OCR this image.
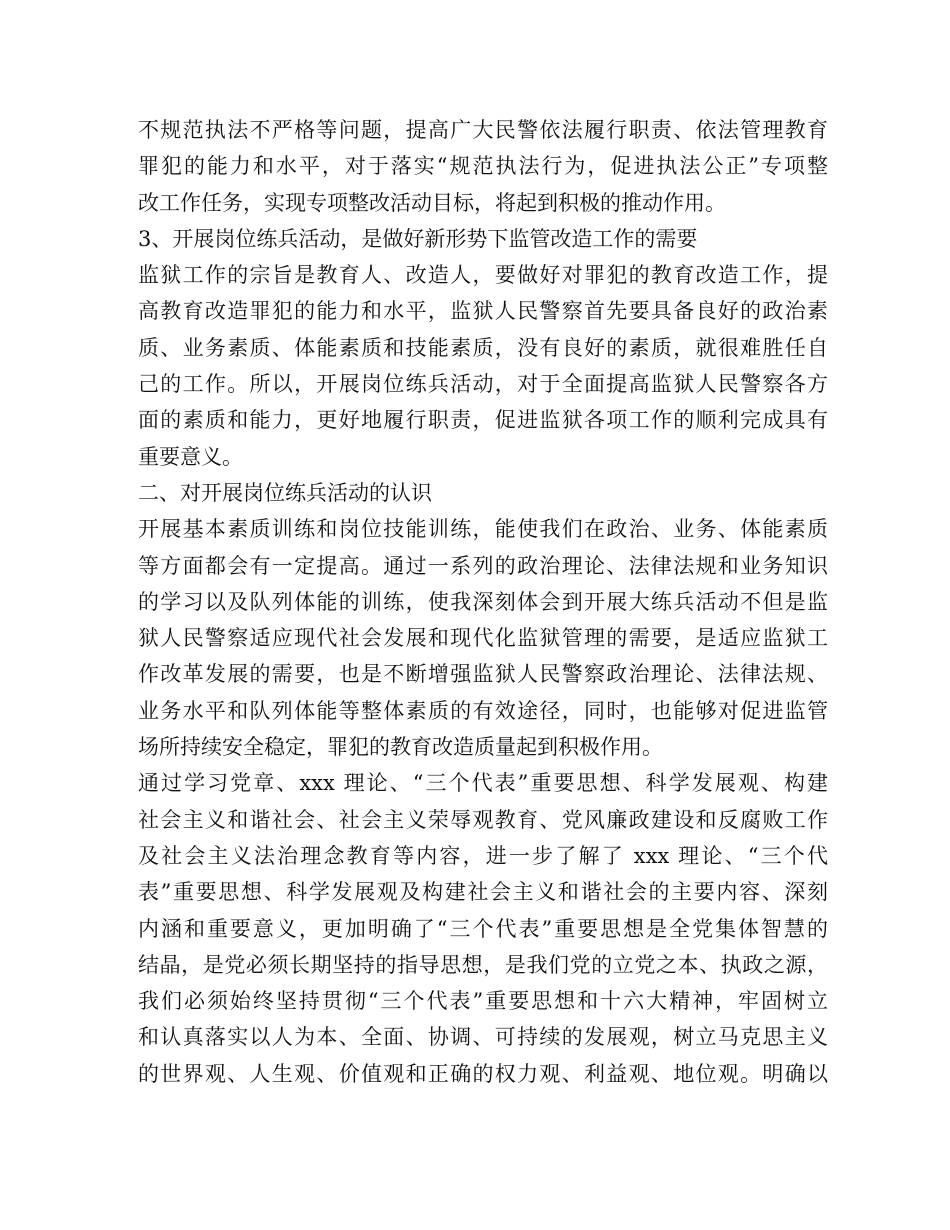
不规范执法不严格等问题，提高广大民警依法履行职责、依法管理教育
罪犯的能力和水平，对于落实“规范执法行为，促进执法公正”专项整
改工作任务，实现专项整改活动目标，将起到积极的推动作用。
3、开展岗位练兵活动，是做好新形势下监管改造工作的需要
监狱工作的宗旨是教育人、改造人，要做好对罪犯的教育改造工作，提
高教育改造罪犯的能力和水平，监狱人民警察首先要具备良好的政治素
质、业务素质、体能素质和技能素质，没有良好的素质，就很难胜任自
己的工作。所以，开展岗位练兵活动，对于全面提高监狱人民警察各方
面的素质和能力，更好地履行职责，促进监狱各项工作的顺利完成具有
重要意义。
二、对开展岗位练兵活动的认识
开展基本素质训练和岗位技能训练，能使我们在政治、业务、体能素质
等方面都会有一定提高。通过一系列的政治理论、法律法规和业务知识
的学习以及队列体能的训练，使我深刻体会到开展大练兵活动不但是监
狱人民警察适应现代社会发展和现代化监狱管理的需要，是适应监狱工
作改革发展的需要，也是不断增强监狱人民警察政治理论、法律法规、
业务水平和队列体能等整体素质的有效途径，同时，也能够对促进监管
场所持续安全稳定，罪犯的教育改造质量起到积极作用。
通过学习党章、xxx 理论、“三个代表”重要思想、科学发展观、构建
社会主义和谐社会、社会主义荣辱观教育、党风廉政建设和反腐败工作
及社会主义法治理念教育等内容，进一步了解了 xxx 理论、“三个代
表”重要思想、科学发展观及构建社会主义和谐社会的主要内容、深刻
内涵和重要意义，更加明确了“三个代表”重要思想是全党集体智慧的
结晶，是党必须长期坚持的指导思想，是我们党的立党之本、执政之源，
我们必须始终坚持贯彻“三个代表”重要思想和十六大精神，牢固树立
和认真落实以人为本、全面、协调、可持续的发展观，树立马克思主义
的世界观、人生观、价值观和正确的权力观、利益观、地位观。明确以
